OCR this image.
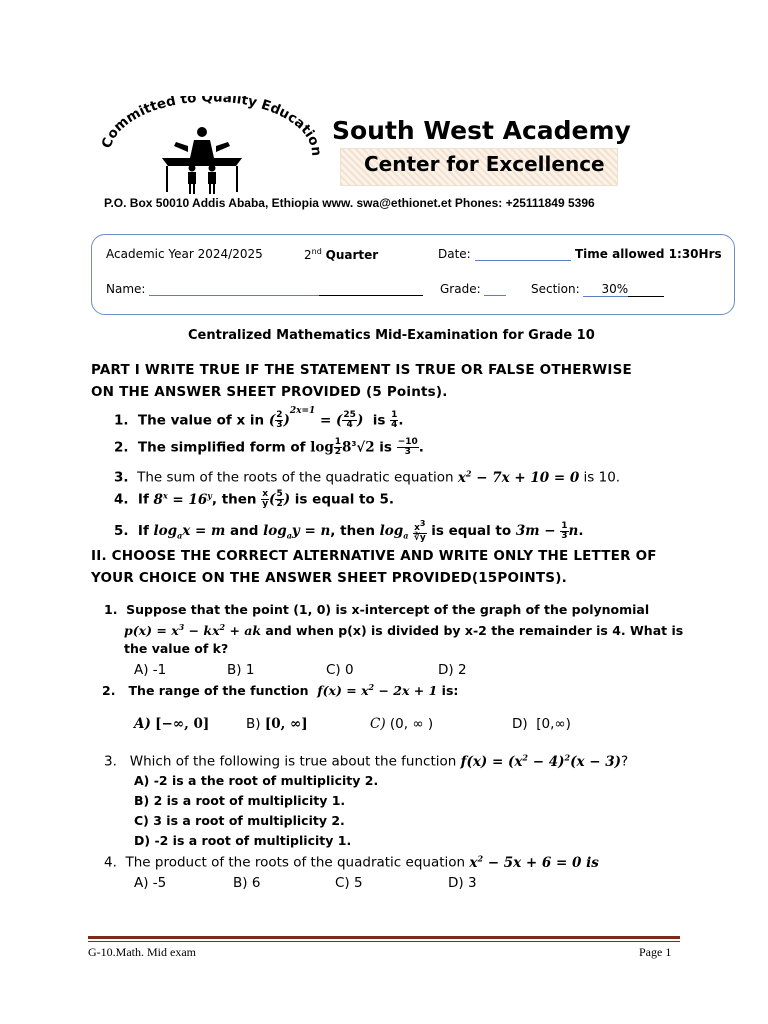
Committed to Quality Education
South West Academy
Center for Excellence
P.O. Box 50010 Addis Ababa, Ethiopia www. swa@ethionet.et Phones: +25111849 5396
Academic Year 2024/2025	2nd Quarter	Date:	Time allowed 1:30Hrs
Name:	Grade:	Section: 30%
Centralized Mathematics Mid-Examination for Grade 10
PART I WRITE TRUE IF THE STATEMENT IS TRUE OR FALSE OTHERWISE
ON THE ANSWER SHEET PROVIDED (5 Points).
1.  The value of x in ( $\frac{2}{3} )^{2x=1}$ = ( $\frac{25}{4}$ )  is $\frac{1}{4}$ .
2.  The simplified form of $\log \frac{1}{2} 8^3√2$ is $\frac{-10}{3}$ .
3. The sum of the roots of the quadratic equation $x^2 - 7x + 10 = 0$ is 10.
4.  If $8^x = 16^y$, then $\frac{x}{y}$ ( $\frac{5}{2}$ ) is equal to 5.
5.  If $\log_ax = m$ and $\log_ay = n$, then $\log_a \frac{x^3}{∛y}$ is equal to $3m - \frac{1}{3} n$.
II. CHOOSE THE CORRECT ALTERNATIVE AND WRITE ONLY THE LETTER OF
YOUR CHOICE ON THE ANSWER SHEET PROVIDED(15POINTS).
1.  Suppose that the point (1, 0) is x-intercept of the graph of the polynomial
$p(x) = x^3 - kx^2$ + ak and when p(x) is divided by x-2 the remainder is 4. What is
the value of k?
A) -1	B) 1	C) 0	D) 2
2.   The range of the function $f(x) = x^2 - 2x + 1$ is:
A) [−∞, 0]	B) [0, ∞]	C) (0, ∞ )	D)  [0,∞)
3.   Which of the following is true about the function $f(x) = (x^2 - 4)^2(x - 3)$?
A) -2 is a the root of multiplicity 2.
B) 2 is a root of multiplicity 1.
C) 3 is a root of multiplicity 2.
D) -2 is a root of multiplicity 1.
4.  The product of the roots of the quadratic equation $x^2 - 5x + 6 = 0$ is
A) -5	B) 6	C) 5	D) 3
G-10.Math. Mid exam	Page 1
